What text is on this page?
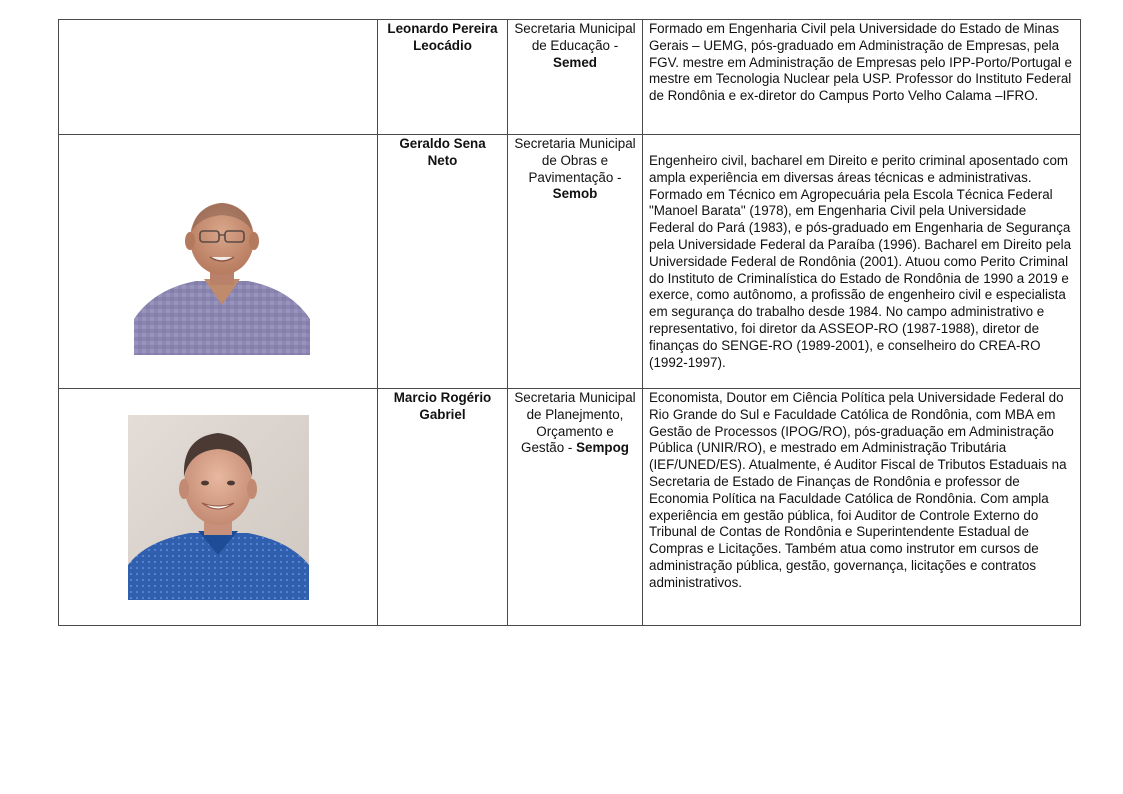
	Leonardo Pereira Leocádio	Secretaria Municipal de Educação - Semed	Formado em Engenharia Civil pela Universidade do Estado de Minas Gerais – UEMG, pós-graduado em Administração de Empresas, pela FGV. mestre em Administração de Empresas pelo IPP-Porto/Portugal e mestre em Tecnologia Nuclear pela USP. Professor do Instituto Federal de Rondônia e ex-diretor do Campus Porto Velho Calama –IFRO.

	Geraldo Sena Neto	Secretaria Municipal de Obras e Pavimentação - Semob	Engenheiro civil, bacharel em Direito e perito criminal aposentado com ampla experiência em diversas áreas técnicas e administrativas. Formado em Técnico em Agropecuária pela Escola Técnica Federal "Manoel Barata" (1978), em Engenharia Civil pela Universidade Federal do Pará (1983), e pós-graduado em Engenharia de Segurança pela Universidade Federal da Paraíba (1996). Bacharel em Direito pela Universidade Federal de Rondônia (2001). Atuou como Perito Criminal do Instituto de Criminalística do Estado de Rondônia de 1990 a 2019 e exerce, como autônomo, a profissão de engenheiro civil e especialista em segurança do trabalho desde 1984. No campo administrativo e representativo, foi diretor da ASSEOP-RO (1987-1988), diretor de finanças do SENGE-RO (1989-2001), e conselheiro do CREA-RO (1992-1997).

	Marcio Rogério Gabriel	Secretaria Municipal de Planejmento, Orçamento e Gestão - Sempog	Economista, Doutor em Ciência Política pela Universidade Federal do Rio Grande do Sul e Faculdade Católica de Rondônia, com MBA em Gestão de Processos (IPOG/RO), pós-graduação em Administração Pública (UNIR/RO), e mestrado em Administração Tributária (IEF/UNED/ES). Atualmente, é Auditor Fiscal de Tributos Estaduais na Secretaria de Estado de Finanças de Rondônia e professor de Economia Política na Faculdade Católica de Rondônia. Com ampla experiência em gestão pública, foi Auditor de Controle Externo do Tribunal de Contas de Rondônia e Superintendente Estadual de Compras e Licitações. Também atua como instrutor em cursos de administração pública, gestão, governança, licitações e contratos administrativos.
